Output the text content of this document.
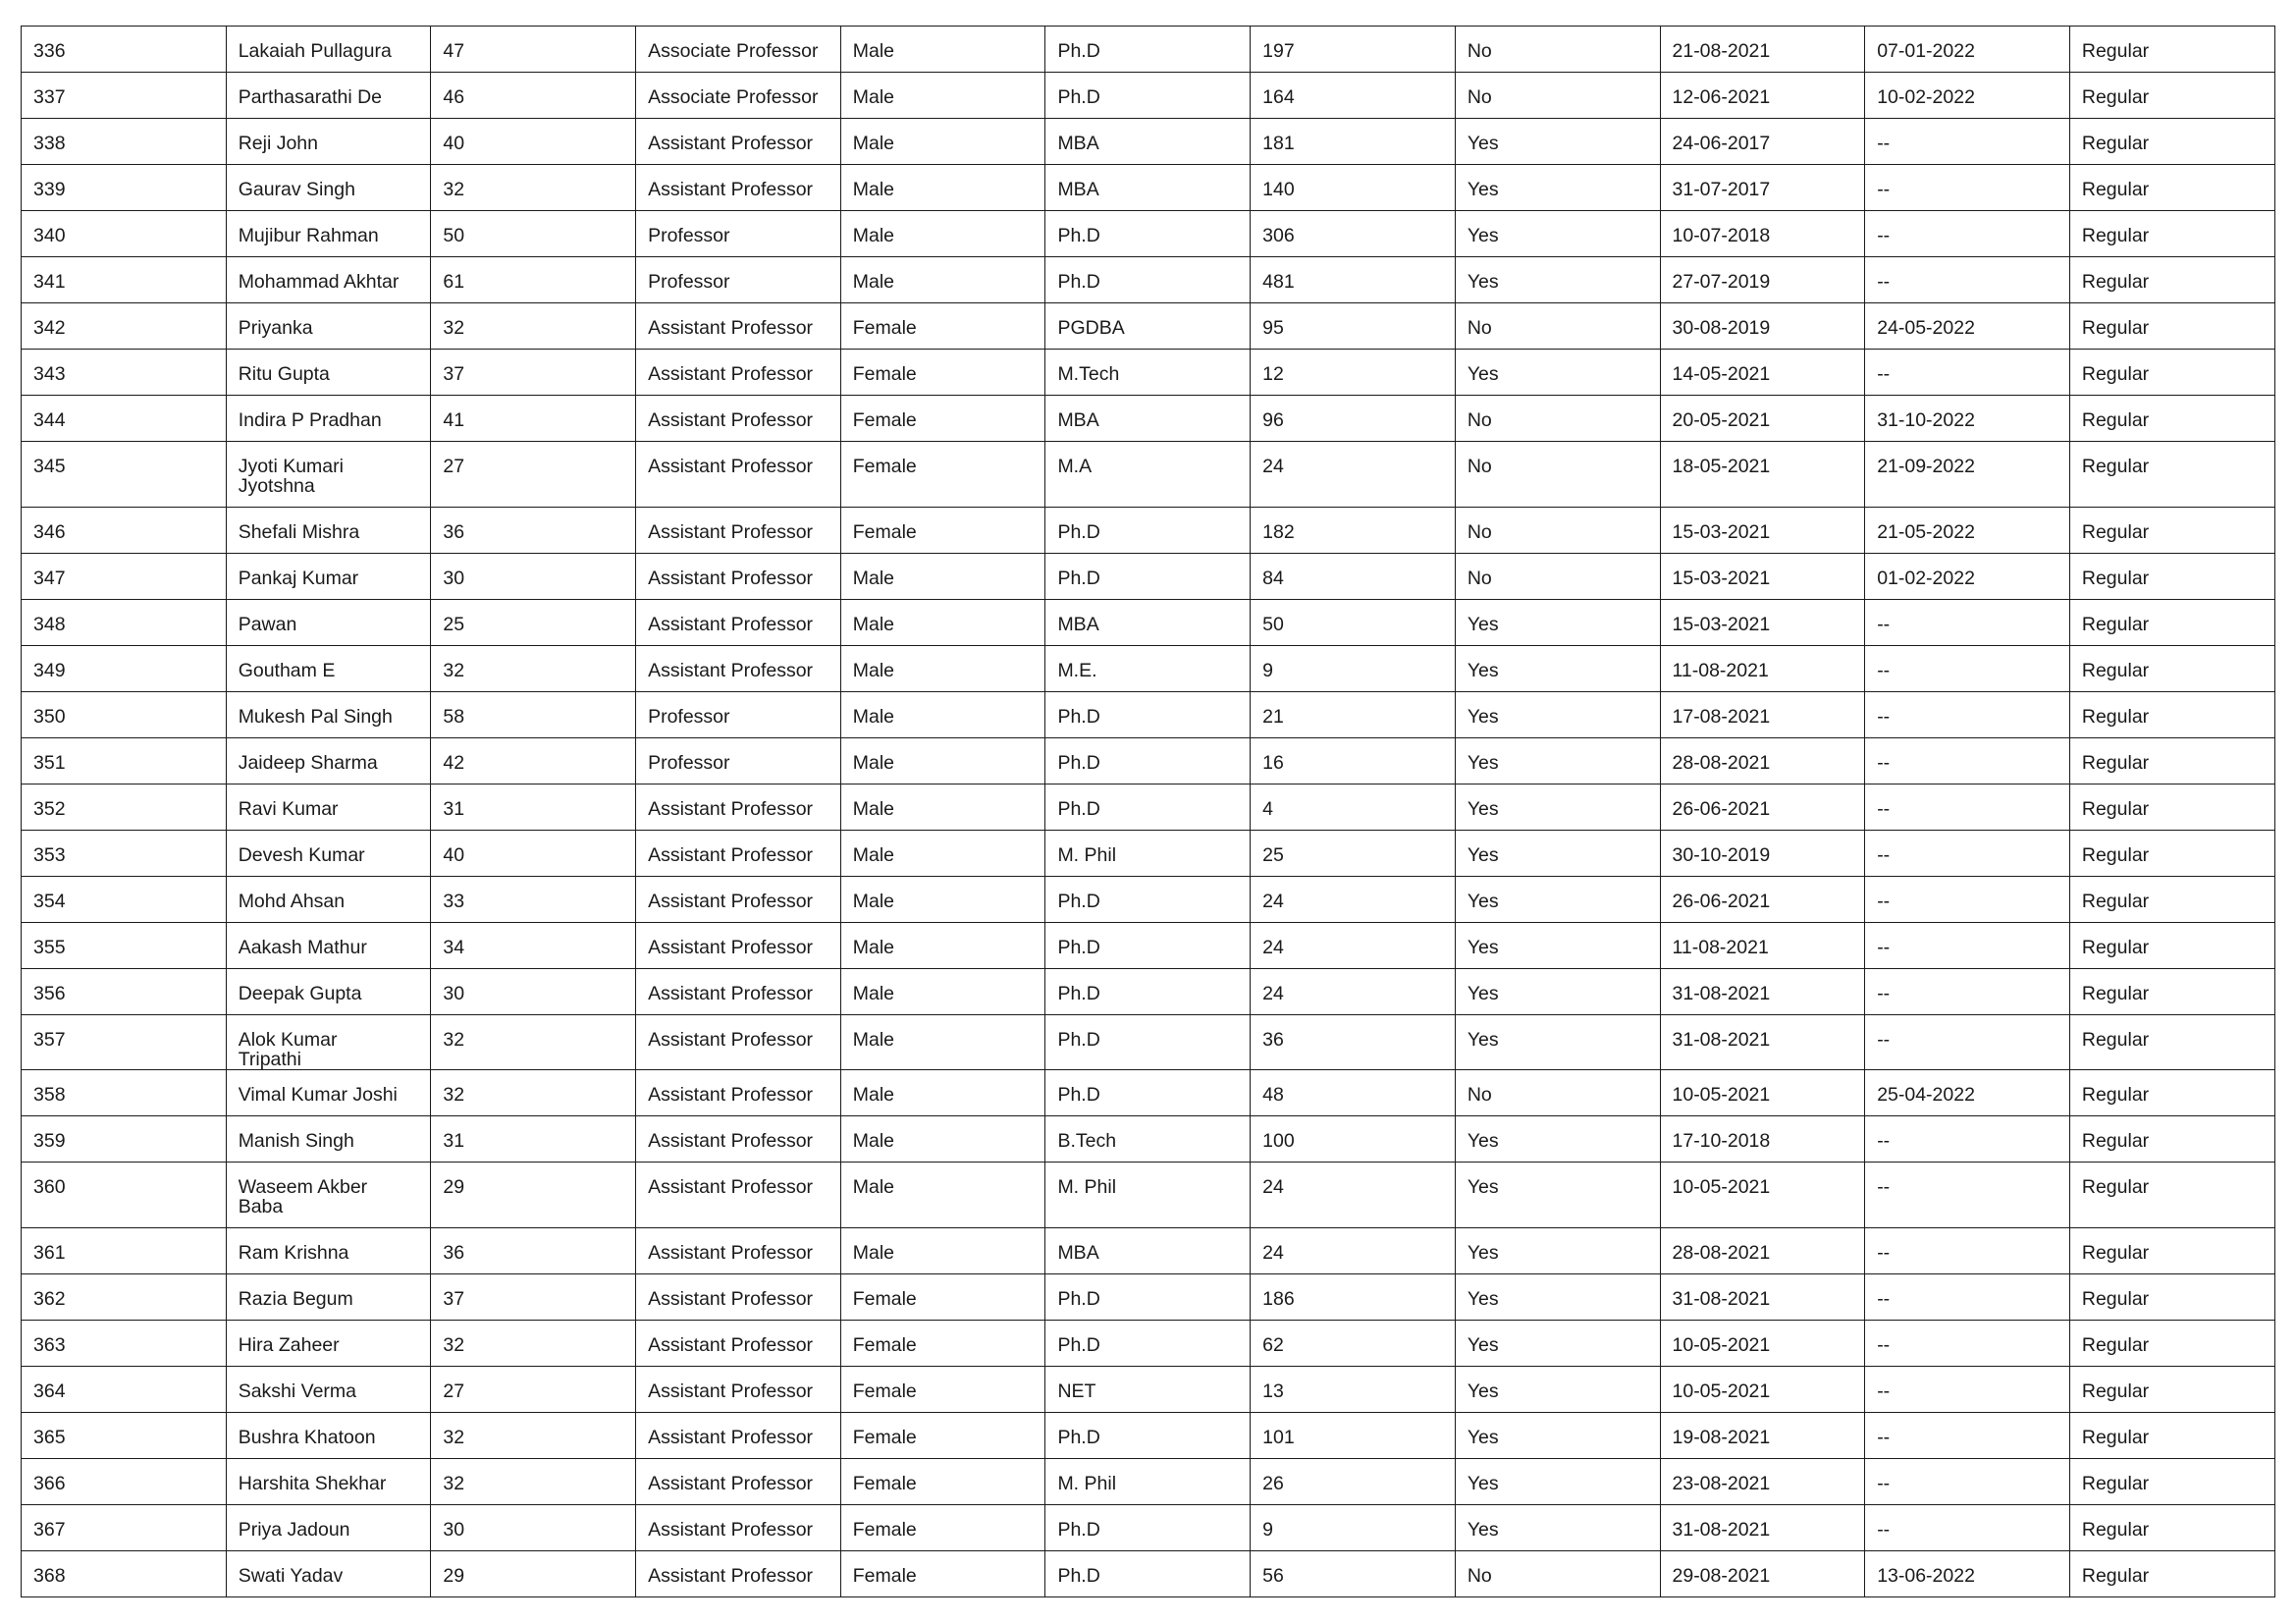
336	Lakaiah Pullagura	47	Associate Professor	Male	Ph.D	197	No	21-08-2021	07-01-2022	Regular
337	Parthasarathi De	46	Associate Professor	Male	Ph.D	164	No	12-06-2021	10-02-2022	Regular
338	Reji John	40	Assistant Professor	Male	MBA	181	Yes	24-06-2017	--	Regular
339	Gaurav Singh	32	Assistant Professor	Male	MBA	140	Yes	31-07-2017	--	Regular
340	Mujibur Rahman	50	Professor	Male	Ph.D	306	Yes	10-07-2018	--	Regular
341	Mohammad Akhtar	61	Professor	Male	Ph.D	481	Yes	27-07-2019	--	Regular
342	Priyanka	32	Assistant Professor	Female	PGDBA	95	No	30-08-2019	24-05-2022	Regular
343	Ritu Gupta	37	Assistant Professor	Female	M.Tech	12	Yes	14-05-2021	--	Regular
344	Indira P Pradhan	41	Assistant Professor	Female	MBA	96	No	20-05-2021	31-10-2022	Regular
345	Jyoti Kumari Jyotshna	27	Assistant Professor	Female	M.A	24	No	18-05-2021	21-09-2022	Regular
346	Shefali Mishra	36	Assistant Professor	Female	Ph.D	182	No	15-03-2021	21-05-2022	Regular
347	Pankaj Kumar	30	Assistant Professor	Male	Ph.D	84	No	15-03-2021	01-02-2022	Regular
348	Pawan	25	Assistant Professor	Male	MBA	50	Yes	15-03-2021	--	Regular
349	Goutham E	32	Assistant Professor	Male	M.E.	9	Yes	11-08-2021	--	Regular
350	Mukesh Pal Singh	58	Professor	Male	Ph.D	21	Yes	17-08-2021	--	Regular
351	Jaideep Sharma	42	Professor	Male	Ph.D	16	Yes	28-08-2021	--	Regular
352	Ravi Kumar	31	Assistant Professor	Male	Ph.D	4	Yes	26-06-2021	--	Regular
353	Devesh Kumar	40	Assistant Professor	Male	M. Phil	25	Yes	30-10-2019	--	Regular
354	Mohd Ahsan	33	Assistant Professor	Male	Ph.D	24	Yes	26-06-2021	--	Regular
355	Aakash Mathur	34	Assistant Professor	Male	Ph.D	24	Yes	11-08-2021	--	Regular
356	Deepak Gupta	30	Assistant Professor	Male	Ph.D	24	Yes	31-08-2021	--	Regular
357	Alok Kumar Tripathi	32	Assistant Professor	Male	Ph.D	36	Yes	31-08-2021	--	Regular
358	Vimal Kumar Joshi	32	Assistant Professor	Male	Ph.D	48	No	10-05-2021	25-04-2022	Regular
359	Manish Singh	31	Assistant Professor	Male	B.Tech	100	Yes	17-10-2018	--	Regular
360	Waseem Akber Baba	29	Assistant Professor	Male	M. Phil	24	Yes	10-05-2021	--	Regular
361	Ram Krishna	36	Assistant Professor	Male	MBA	24	Yes	28-08-2021	--	Regular
362	Razia Begum	37	Assistant Professor	Female	Ph.D	186	Yes	31-08-2021	--	Regular
363	Hira Zaheer	32	Assistant Professor	Female	Ph.D	62	Yes	10-05-2021	--	Regular
364	Sakshi Verma	27	Assistant Professor	Female	NET	13	Yes	10-05-2021	--	Regular
365	Bushra Khatoon	32	Assistant Professor	Female	Ph.D	101	Yes	19-08-2021	--	Regular
366	Harshita Shekhar	32	Assistant Professor	Female	M. Phil	26	Yes	23-08-2021	--	Regular
367	Priya Jadoun	30	Assistant Professor	Female	Ph.D	9	Yes	31-08-2021	--	Regular
368	Swati Yadav	29	Assistant Professor	Female	Ph.D	56	No	29-08-2021	13-06-2022	Regular
